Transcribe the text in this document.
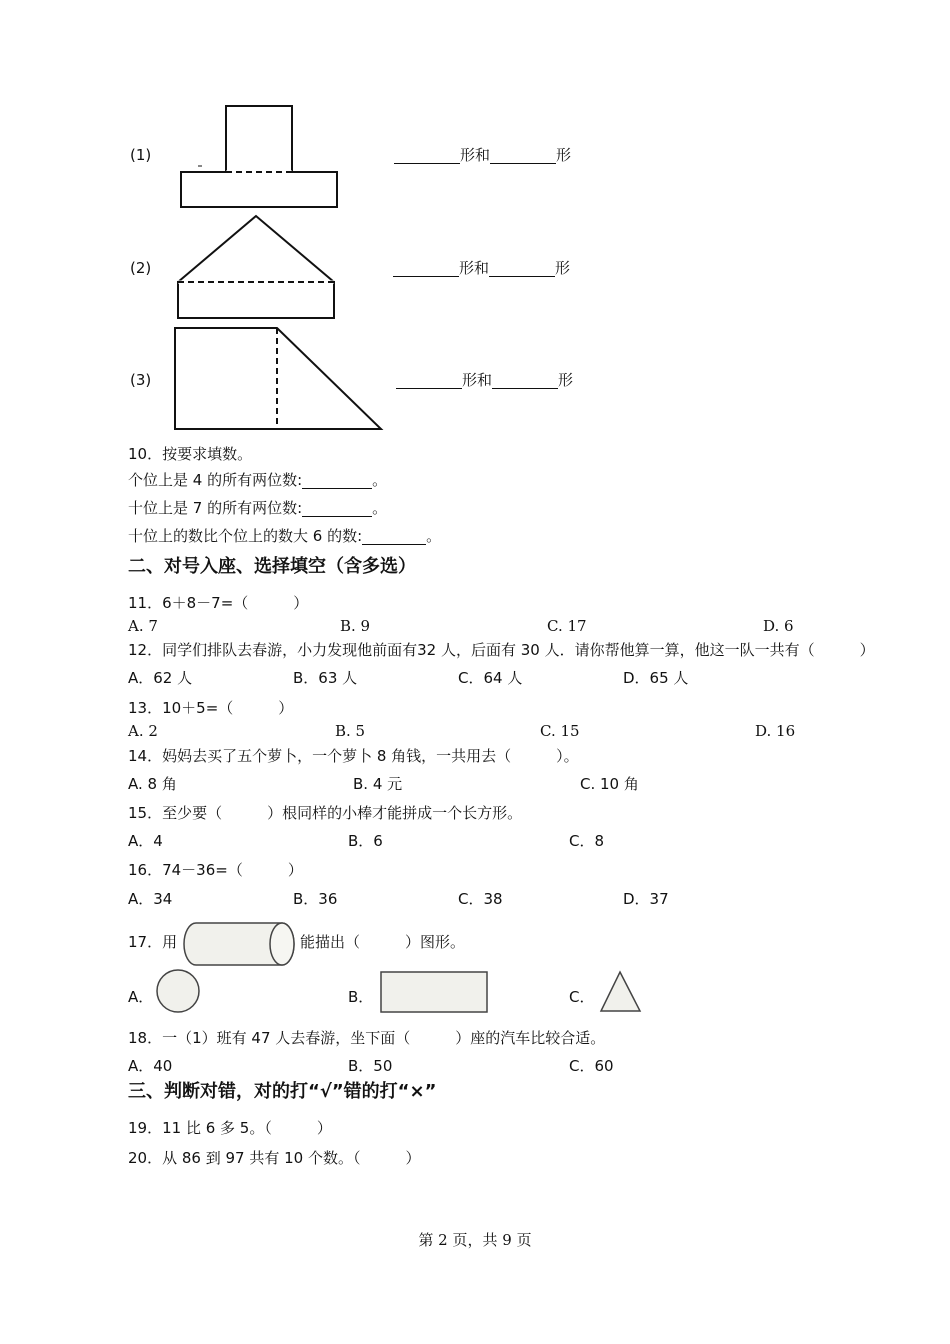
(1)	形和	形
(2)	形和	形
(3)	形和	形
10．按要求填数。
个位上是 4 的所有两位数:	。
十位上是 7 的所有两位数:	。
十位上的数比个位上的数大 6 的数:	。
二、对号入座、选择填空（含多选）
11．6＋8－7=（　　　）
A. 7	B. 9	C. 17	D. 6
12．同学们排队去春游，小力发现他前面有32 人，后面有 30 人．请你帮他算一算，他这一队一共有（　　　）
A．62 人	B．63 人	C．64 人	D．65 人
13．10＋5=（　　　）
A. 2	B. 5	C. 15	D. 16
14．妈妈去买了五个萝卜，一个萝卜 8 角钱，一共用去（　　　）。
A. 8 角	B. 4 元	C. 10 角
15．至少要（　　　）根同样的小棒才能拼成一个长方形。
A．4	B．6	C．8
16．74－36=（　　　）
A．34	B．36	C．38	D．37
17．用	能描出（　　　）图形。
A．	B．	C．
18．一（1）班有 47 人去春游，坐下面（　　　）座的汽车比较合适。
A．40	B．50	C．60
三、判断对错，对的打“√”错的打“×”
19．11 比 6 多 5。（　　　）
20．从 86 到 97 共有 10 个数。（　　　）
第 2 页，共 9 页
